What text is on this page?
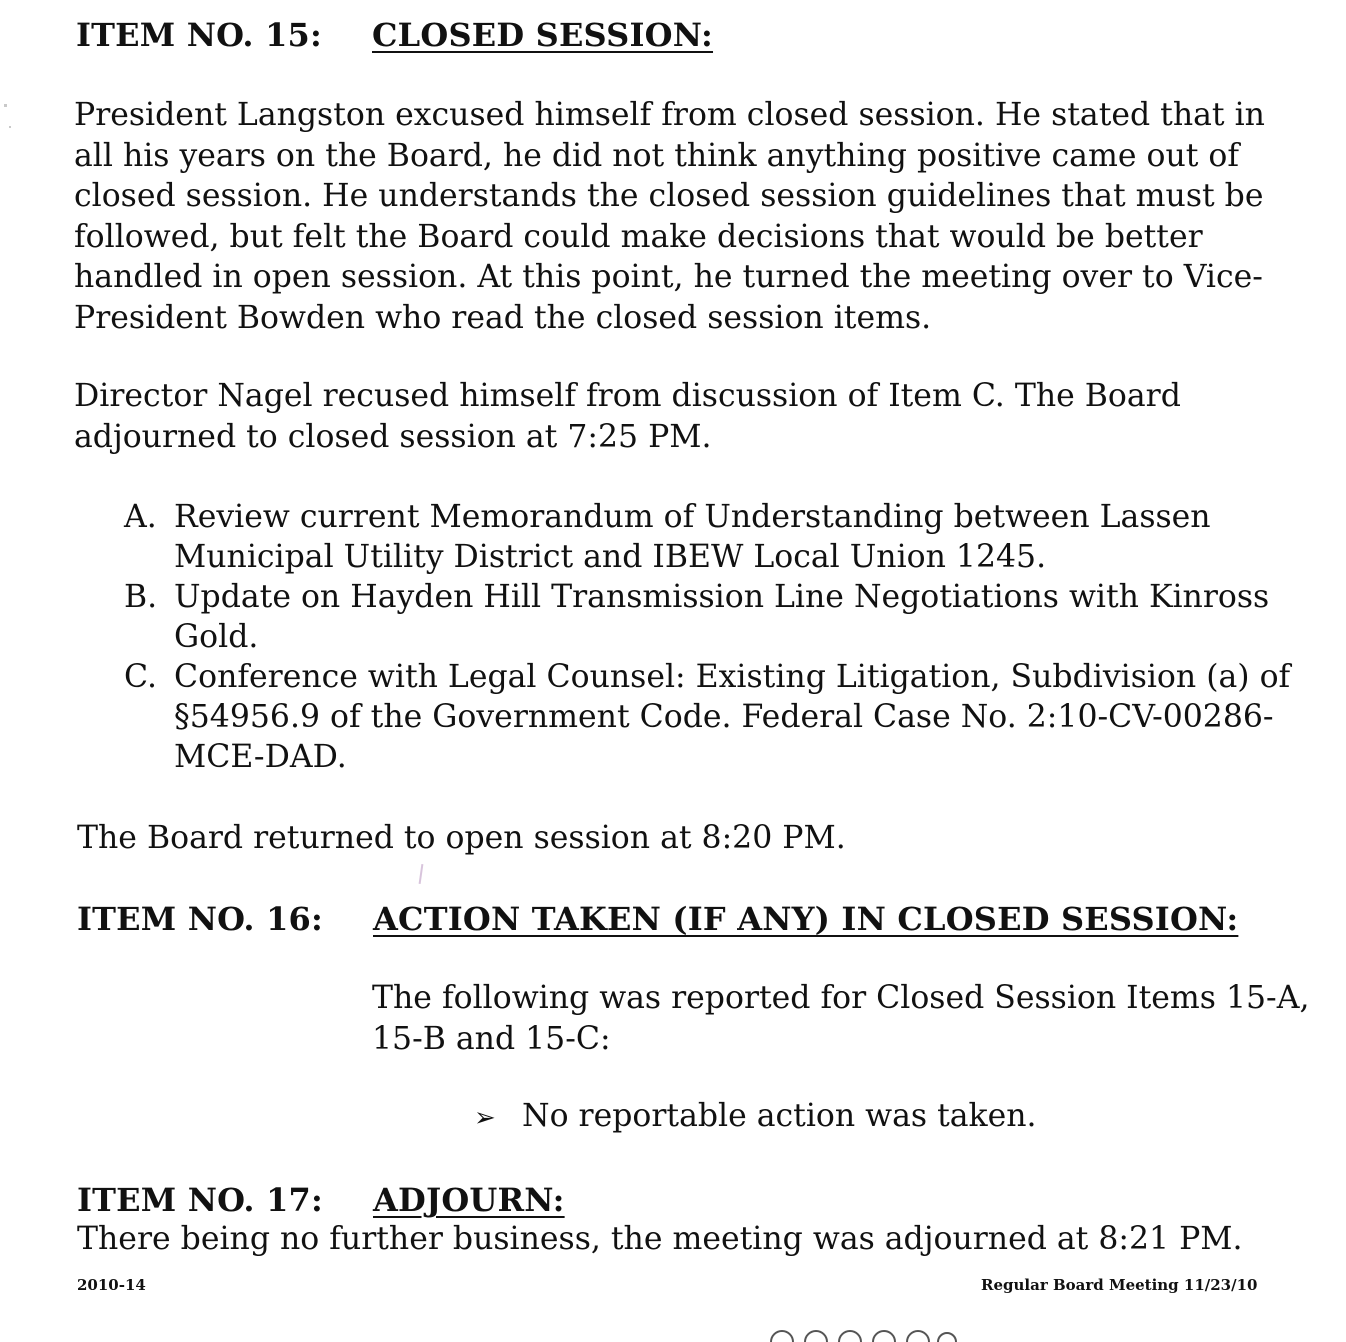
ITEM NO. 15: CLOSED SESSION:
President Langston excused himself from closed session. He stated that in
all his years on the Board, he did not think anything positive came out of
closed session. He understands the closed session guidelines that must be
followed, but felt the Board could make decisions that would be better
handled in open session. At this point, he turned the meeting over to Vice-
President Bowden who read the closed session items.
Director Nagel recused himself from discussion of Item C. The Board
adjourned to closed session at 7:25 PM.
A. Review current Memorandum of Understanding between Lassen
Municipal Utility District and IBEW Local Union 1245.
B. Update on Hayden Hill Transmission Line Negotiations with Kinross
Gold.
C. Conference with Legal Counsel: Existing Litigation, Subdivision (a) of
§54956.9 of the Government Code. Federal Case No. 2:10-CV-00286-
MCE-DAD.
The Board returned to open session at 8:20 PM.
ITEM NO. 16: ACTION TAKEN (IF ANY) IN CLOSED SESSION:
The following was reported for Closed Session Items 15-A,
15-B and 15-C:
➢ No reportable action was taken.
ITEM NO. 17: ADJOURN:
There being no further business, the meeting was adjourned at 8:21 PM.
2010-14	Regular Board Meeting 11/23/10
